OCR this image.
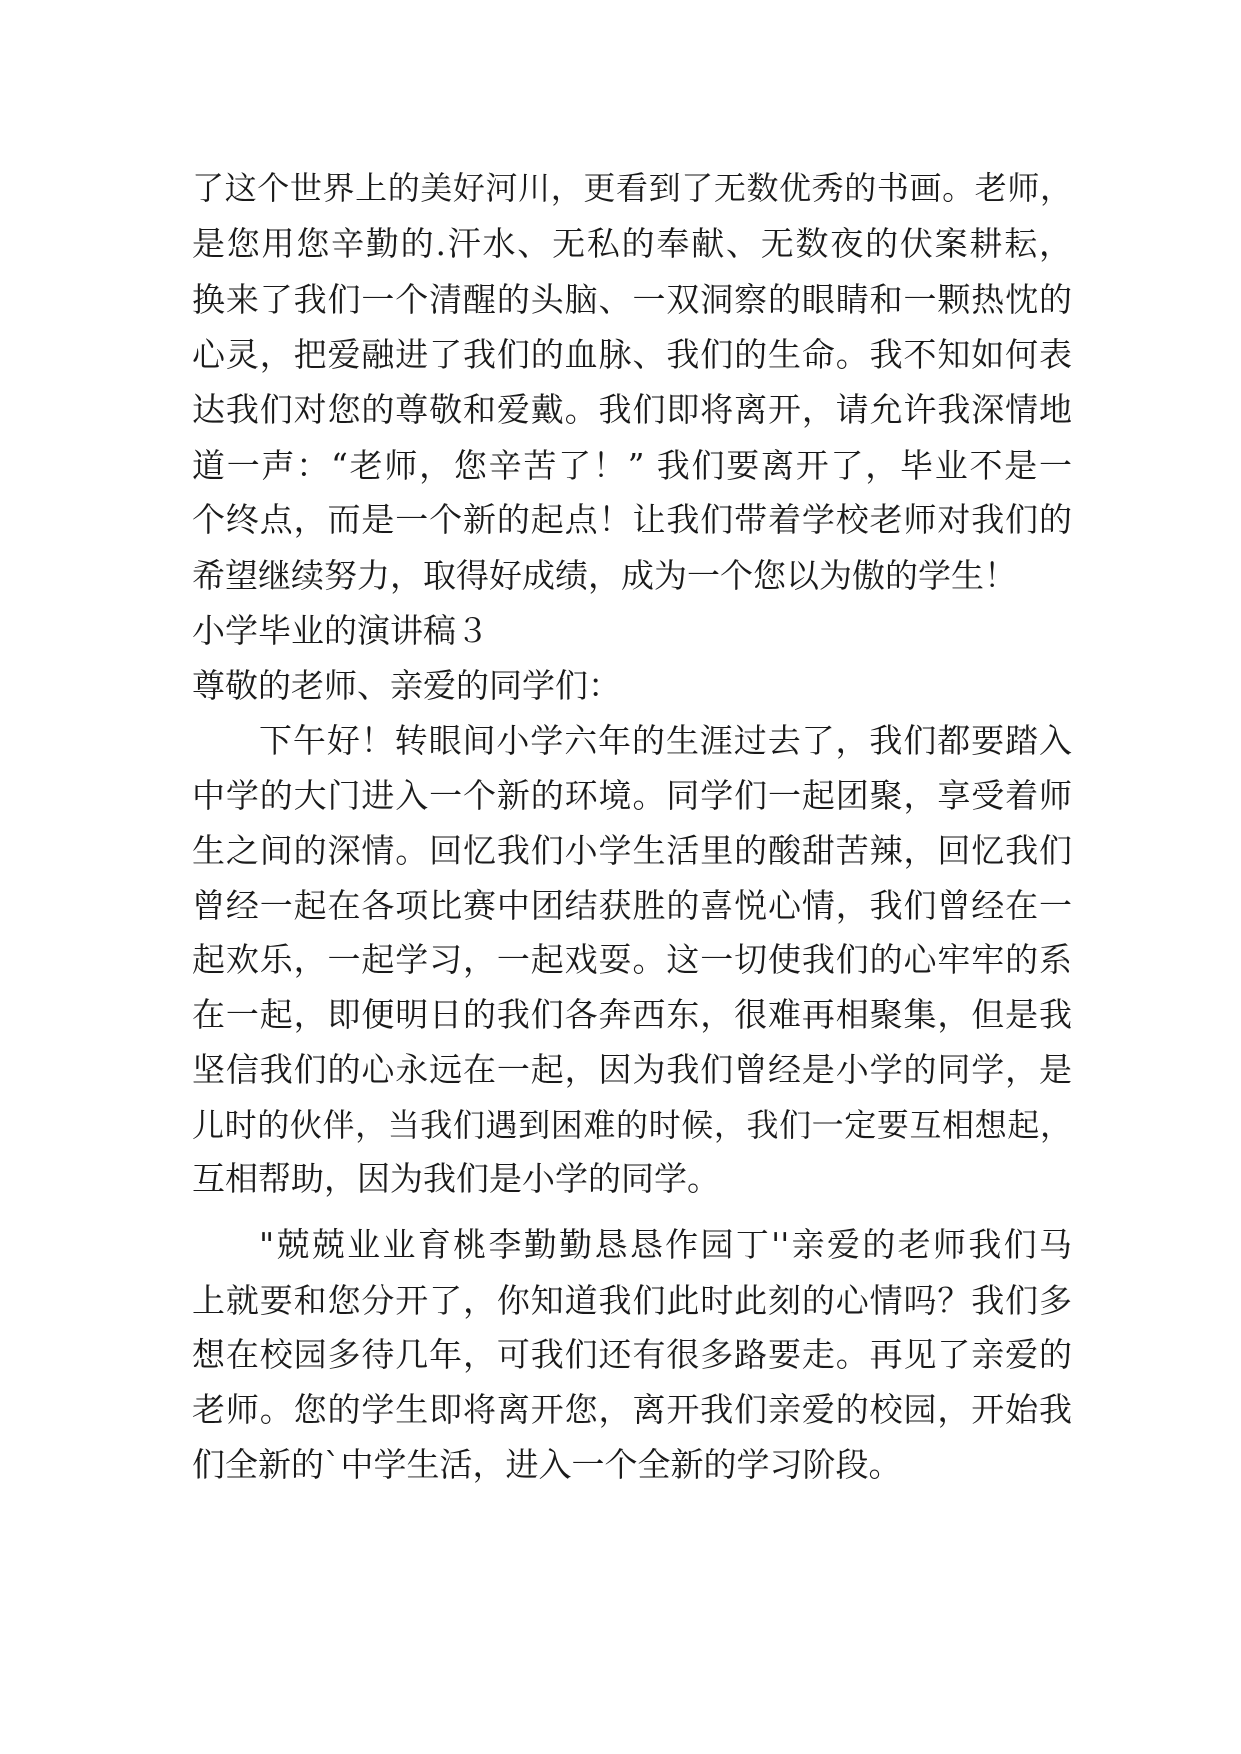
了这个世界上的美好河川，更看到了无数优秀的书画。老师，
是您用您辛勤的.汗水、无私的奉献、无数夜的伏案耕耘，
换来了我们一个清醒的头脑、一双洞察的眼睛和一颗热忱的
心灵，把爱融进了我们的血脉、我们的生命。我不知如何表
达我们对您的尊敬和爱戴。我们即将离开，请允许我深情地
道一声：“老师，您辛苦了！” 我们要离开了，毕业不是一
个终点，而是一个新的起点！让我们带着学校老师对我们的
希望继续努力，取得好成绩，成为一个您以为傲的学生！
小学毕业的演讲稿３
尊敬的老师、亲爱的同学们：
下午好！转眼间小学六年的生涯过去了，我们都要踏入
中学的大门进入一个新的环境。同学们一起团聚，享受着师
生之间的深情。回忆我们小学生活里的酸甜苦辣，回忆我们
曾经一起在各项比赛中团结获胜的喜悦心情，我们曾经在一
起欢乐，一起学习，一起戏耍。这一切使我们的心牢牢的系
在一起，即便明日的我们各奔西东，很难再相聚集，但是我
坚信我们的心永远在一起，因为我们曾经是小学的同学，是
儿时的伙伴，当我们遇到困难的时候，我们一定要互相想起，
互相帮助，因为我们是小学的同学。
"兢兢业业育桃李勤勤恳恳作园丁''亲爱的老师我们马
上就要和您分开了，你知道我们此时此刻的心情吗？我们多
想在校园多待几年，可我们还有很多路要走。再见了亲爱的
老师。您的学生即将离开您，离开我们亲爱的校园，开始我
们全新的`中学生活，进入一个全新的学习阶段。
